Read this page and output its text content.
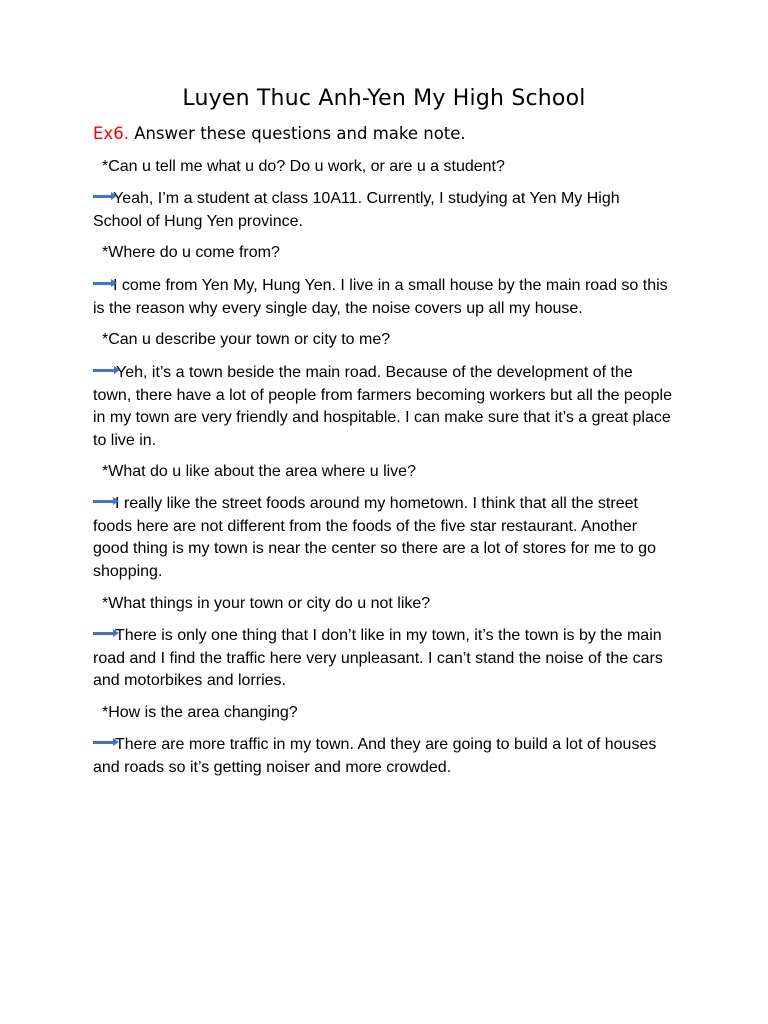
Luyen Thuc Anh-Yen My High School
Ex6. Answer these questions and make note.
*Can u tell me what u do? Do u work, or are u a student?
Yeah, I’m a student at class 10A11. Currently, I studying at Yen My High School of Hung Yen province.
*Where do u come from?
I come from Yen My, Hung Yen. I live in a small house by the main road so this is the reason why every single day, the noise covers up all my house.
*Can u describe your town or city to me?
Yeh, it’s a town beside the main road. Because of the development of the town, there have a lot of people from farmers becoming workers but all the people in my town are very friendly and hospitable. I can make sure that it’s a great place to live in.
*What do u like about the area where u live?
I really like the street foods around my hometown. I think that all the street foods here are not different from the foods of the five star restaurant. Another good thing is my town is near the center so there are a lot of stores for me to go shopping.
*What things in your town or city do u not like?
There is only one thing that I don’t like in my town, it’s the town is by the main road and I find the traffic here very unpleasant. I can’t stand the noise of the cars and motorbikes and lorries.
*How is the area changing?
There are more traffic in my town. And they are going to build a lot of houses and roads so it’s getting noiser and more crowded.
